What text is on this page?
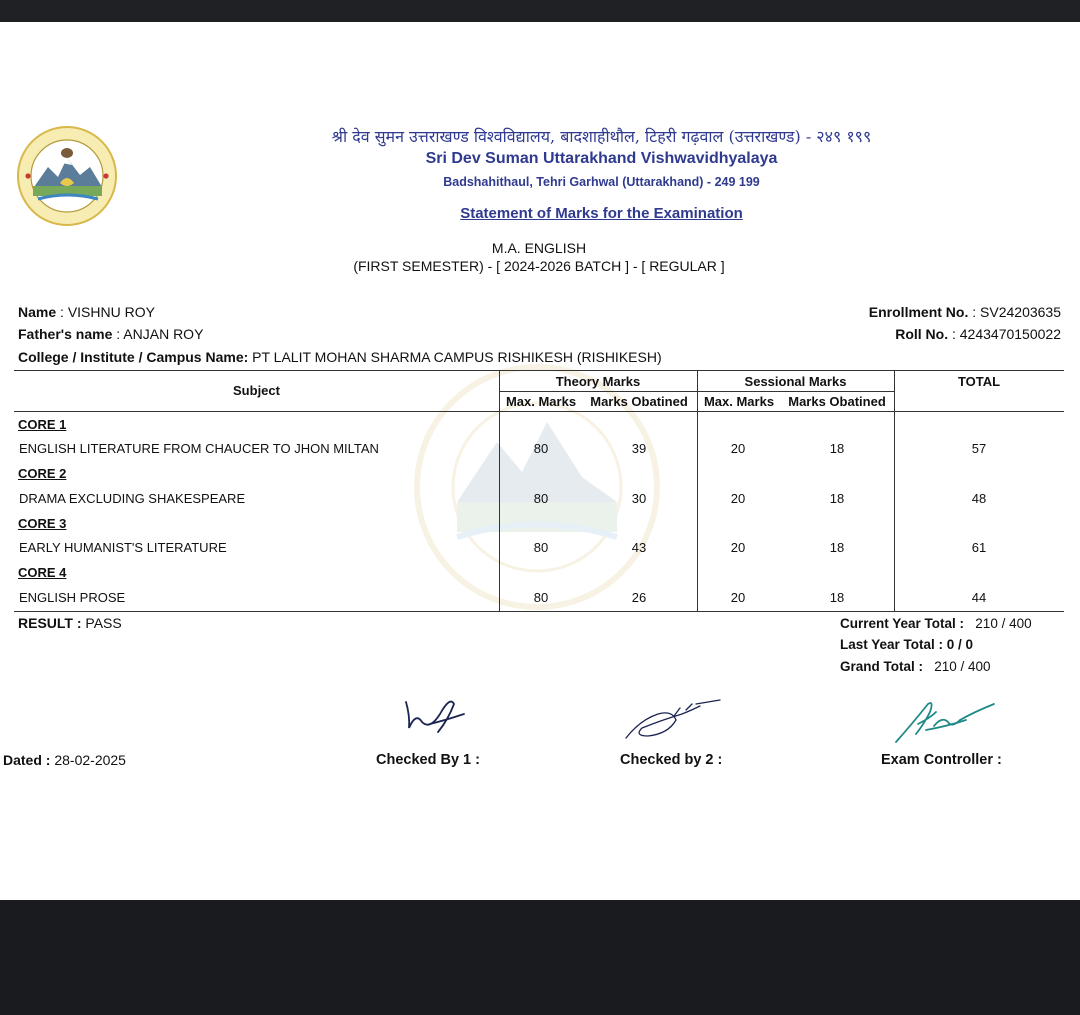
श्री देव सुमन उत्तराखण्ड विश्वविद्यालय, बादशाहीथौल, टिहरी गढ़वाल (उत्तराखण्ड) - २४९ १९९
Sri Dev Suman Uttarakhand Vishwavidhyalaya
Badshahithaul, Tehri Garhwal (Uttarakhand) - 249 199
Statement of Marks for the Examination
M.A. ENGLISH
(FIRST SEMESTER) - [ 2024-2026 BATCH ] - [ REGULAR ]
Name : VISHNU ROY
Father's name : ANJAN ROY
College / Institute / Campus Name: PT LALIT MOHAN SHARMA CAMPUS RISHIKESH (RISHIKESH)
Enrollment No. : SV24203635
Roll No. : 4243470150022
Subject
Theory Marks	Sessional Marks	TOTAL
Max. Marks	Marks Obatined	Max. Marks	Marks Obatined
CORE 1
ENGLISH LITERATURE FROM CHAUCER TO JHON MILTAN	80	39	20	18	57
CORE 2
DRAMA EXCLUDING SHAKESPEARE	80	30	20	18	48
CORE 3
EARLY HUMANIST'S LITERATURE	80	43	20	18	61
CORE 4
ENGLISH PROSE	80	26	20	18	44
RESULT : PASS	Current Year Total : 210 / 400
Last Year Total : 0 / 0
Grand Total : 210 / 400
Dated : 28-02-2025	Checked By 1 :	Checked by 2 :	Exam Controller :
